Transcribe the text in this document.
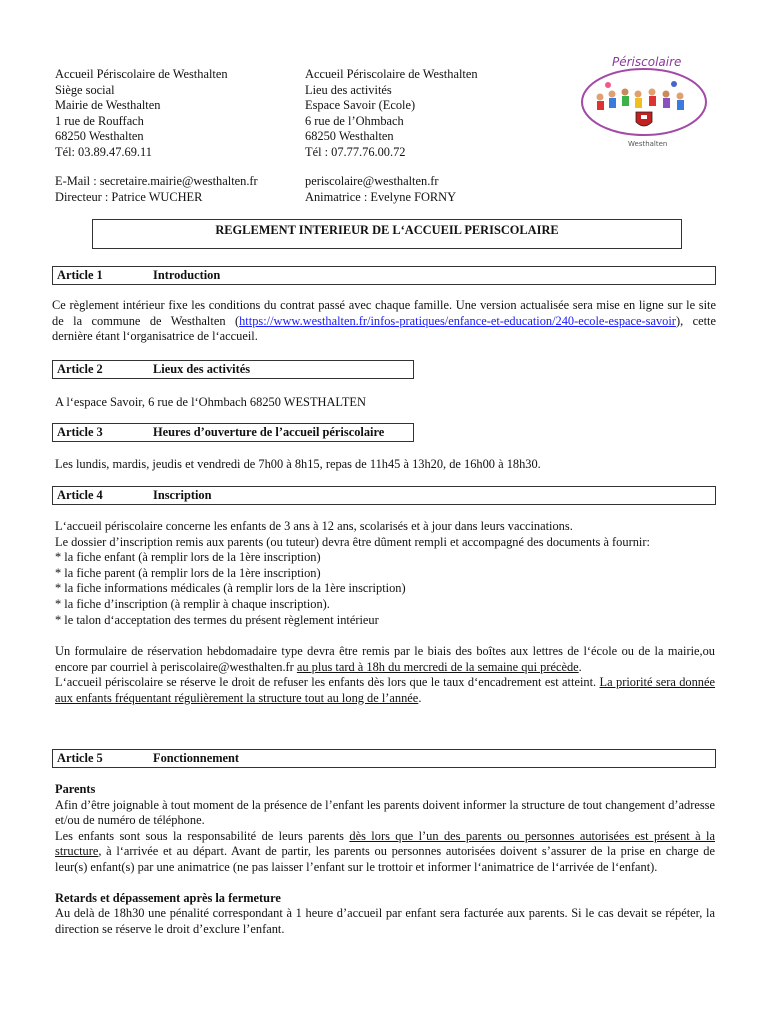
Accueil Périscolaire de Westhalten
Siège social
Mairie de Westhalten
1 rue de Rouffach
68250 Westhalten
Tél: 03.89.47.69.11
Accueil Périscolaire de Westhalten
Lieu des activités
Espace Savoir (Ecole)
6 rue de l’Ohmbach
68250 Westhalten
Tél : 07.77.76.00.72
E-Mail : secretaire.mairie@westhalten.fr
Directeur : Patrice WUCHER
periscolaire@westhalten.fr
Animatrice : Evelyne FORNY
Périscolaire
Westhalten
REGLEMENT INTERIEUR DE L‘ACCUEIL PERISCOLAIRE
Article 1	Introduction

Ce règlement intérieur fixe les conditions du contrat passé avec chaque famille. Une version actualisée sera mise en ligne sur le site de la commune de Westhalten (https://www.westhalten.fr/infos-pratiques/enfance-et-education/240-ecole-espace-savoir), cette dernière étant l‘organisatrice de l‘accueil.

Article 2	Lieux des activités

A l‘espace Savoir, 6 rue de l‘Ohmbach 68250 WESTHALTEN

Article 3	Heures d’ouverture de l’accueil périscolaire

Les lundis, mardis, jeudis et vendredi de 7h00 à 8h15, repas de 11h45 à 13h20, de 16h00 à 18h30.

Article 4	Inscription

L‘accueil périscolaire concerne les enfants de 3 ans à 12 ans, scolarisés et à jour dans leurs vaccinations.

Le dossier d’inscription remis aux parents (ou tuteur) devra être dûment rempli et accompagné des documents à fournir:

* la fiche enfant (à remplir lors de la 1ère inscription)

* la fiche parent (à remplir lors de la 1ère inscription)

* la fiche informations médicales (à remplir lors de la 1ère inscription)

* la fiche d’inscription (à remplir à chaque inscription).

* le talon d‘acceptation des termes du présent règlement intérieur

Un formulaire de réservation hebdomadaire type devra être remis par le biais des boîtes aux lettres de l‘école ou de la mairie,ou encore par courriel à periscolaire@westhalten.fr au plus tard à 18h du mercredi de la semaine qui précède.

L‘accueil périscolaire se réserve le droit de refuser les enfants dès lors que le taux d‘encadrement est atteint. La priorité sera donnée aux enfants fréquentant régulièrement la structure tout au long de l’année.

Article 5	Fonctionnement

Parents

Afin d’être joignable à tout moment de la présence de l’enfant les parents doivent informer la structure de tout changement d’adresse et/ou de numéro de téléphone.

Les enfants sont sous la responsabilité de leurs parents dès lors que l’un des parents ou personnes autorisées est présent à la structure, à l‘arrivée et au départ. Avant de partir, les parents ou personnes autorisées doivent s’assurer de la prise en charge de leur(s) enfant(s) par une animatrice (ne pas laisser l’enfant sur le trottoir et informer l‘animatrice de l‘arrivée de l‘enfant).

Retards et dépassement après la fermeture

Au delà de 18h30 une pénalité correspondant à 1 heure d’accueil par enfant sera facturée aux parents. Si le cas devait se répéter, la direction se réserve le droit d’exclure l’enfant.
